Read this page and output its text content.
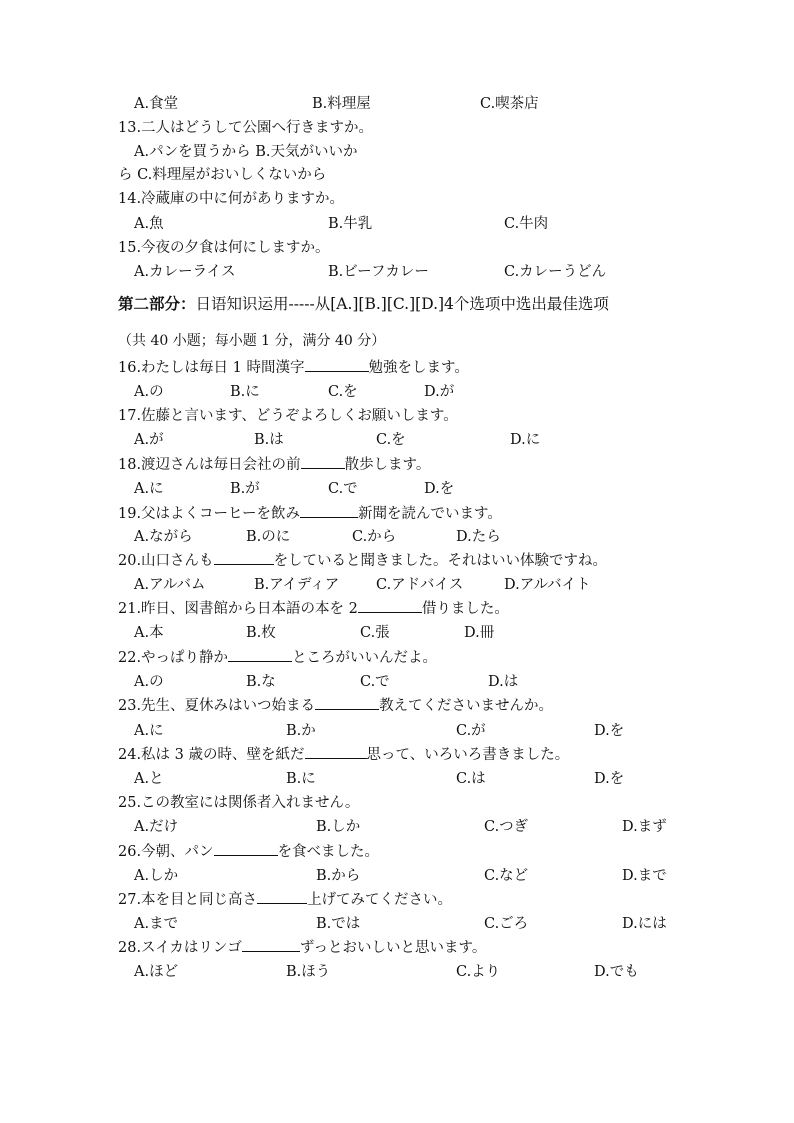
A.食堂	B.料理屋	C.喫茶店
13.二人はどうして公園へ行きますか。
A.パンを買うから B.天気がいいか
ら C.料理屋がおいしくないから
14.冷蔵庫の中に何がありますか。
A.魚	B.牛乳	C.牛肉
15.今夜の夕食は何にしますか。
A.カレーライス	B.ビーフカレー	C.カレーうどん
第二部分：日语知识运用-----从[A.][B.][C.][D.]4个选项中选出最佳选项
（共 40 小题；每小题 1 分，满分 40 分）
16.わたしは毎日 1 時間漢字	勉強をします。
A.の	B.に	C.を	D.が
17.佐藤と言います、どうぞよろしくお願いします。
A.が	B.は	C.を	D.に
18.渡辺さんは毎日会社の前	散歩します。
A.に	B.が	C.で	D.を
19.父はよくコーヒーを飲み	新聞を読んでいます。
A.ながら	B.のに	C.から	D.たら
20.山口さんも	をしていると聞きました。それはいい体験ですね。
A.アルバム	B.アイディア	C.アドバイス	D.アルバイト
21.昨日、図書館から日本語の本を 2	借りました。
A.本	B.枚	C.張	D.冊
22.やっぱり静か	ところがいいんだよ。
A.の	B.な	C.で	D.は
23.先生、夏休みはいつ始まる	教えてくださいませんか。
A.に	B.か	C.が	D.を
24.私は 3 歳の時、壁を紙だ	思って、いろいろ書きました。
A.と	B.に	C.は	D.を
25.この教室には関係者入れません。
A.だけ	B.しか	C.つぎ	D.まず
26.今朝、パン	を食べました。
A.しか	B.から	C.など	D.まで
27.本を目と同じ高さ	上げてみてください。
A.まで	B.では	C.ごろ	D.には
28.スイカはリンゴ	ずっとおいしいと思います。
A.ほど	B.ほう	C.より	D.でも
